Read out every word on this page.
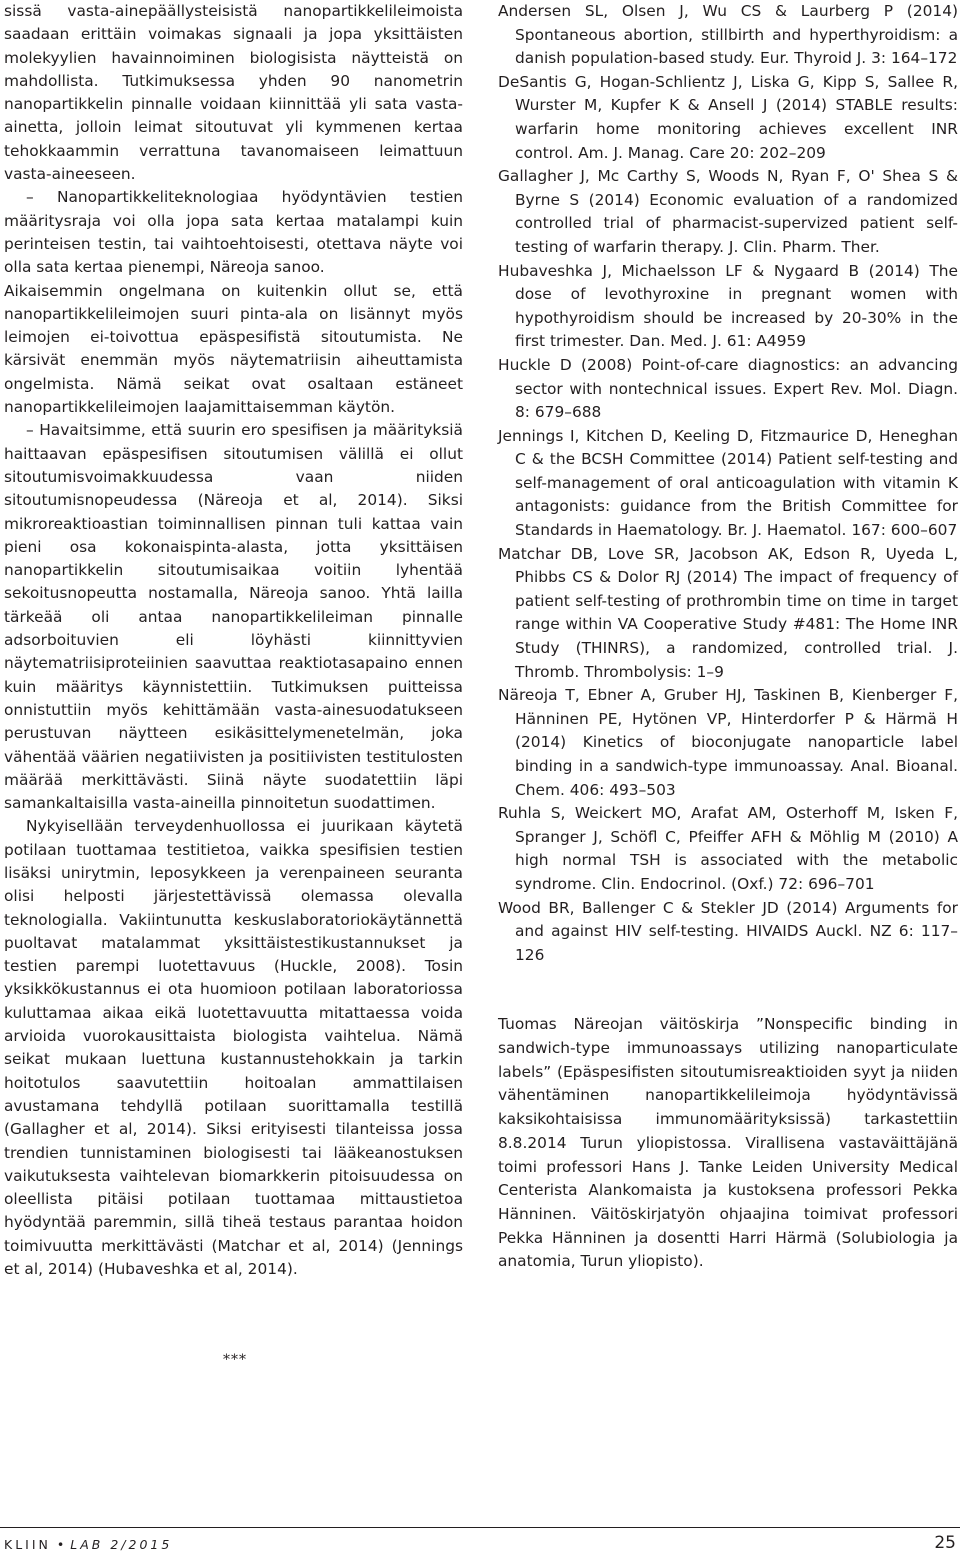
sissä vasta-ainepäällysteisistä nanopartikkelileimoista saadaan erittäin voimakas signaali ja jopa yksittäisten molekyylien havainnoiminen biologisista näytteistä on mahdollista. Tutkimuksessa yhden 90 nanometrin nanopartikkelin pinnalle voidaan kiinnittää yli sata vasta-ainetta, jolloin leimat sitoutuvat yli kymmenen kertaa tehokkaammin verrattuna tavanomaiseen leimattuun vasta-aineeseen.

– Nanopartikkeliteknologiaa hyödyntävien testien määritysraja voi olla jopa sata kertaa matalampi kuin perinteisen testin, tai vaihtoehtoisesti, otettava näyte voi olla sata kertaa pienempi, Näreoja sanoo.

Aikaisemmin ongelmana on kuitenkin ollut se, että nanopartikkelileimojen suuri pinta-ala on lisännyt myös leimojen ei-toivottua epäspesifistä sitoutumista. Ne kärsivät enemmän myös näytematriisin aiheuttamista ongelmista. Nämä seikat ovat osaltaan estäneet nanopartikkelileimojen laajamittaisemman käytön.

– Havaitsimme, että suurin ero spesifisen ja määrityksiä haittaavan epäspesifisen sitoutumisen välillä ei ollut sitoutumisvoimakkuudessa vaan niiden sitoutumisnopeudessa (Näreoja et al, 2014). Siksi mikroreaktioastian toiminnallisen pinnan tuli kattaa vain pieni osa kokonaispinta-alasta, jotta yksittäisen nanopartikkelin sitoutumisaikaa voitiin lyhentää sekoitusnopeutta nostamalla, Näreoja sanoo. Yhtä lailla tärkeää oli antaa nanopartikkelileiman pinnalle adsorboituvien eli löyhästi kiinnittyvien näytematriisiproteiinien saavuttaa reaktiotasapaino ennen kuin määritys käynnistettiin. Tutkimuksen puitteissa onnistuttiin myös kehittämään vasta-ainesuodatukseen perustuvan näytteen esikäsittelymenetelmän, joka vähentää väärien negatiivisten ja positiivisten testitulosten määrää merkittävästi. Siinä näyte suodatettiin läpi samankaltaisilla vasta-aineilla pinnoitetun suodattimen.

Nykyisellään terveydenhuollossa ei juurikaan käytetä potilaan tuottamaa testitietoa, vaikka spesifisien testien lisäksi unirytmin, leposykkeen ja verenpaineen seuranta olisi helposti järjestettävissä olemassa olevalla teknologialla. Vakiintunutta keskuslaboratoriokäytännettä puoltavat matalammat yksittäistestikustannukset ja testien parempi luotettavuus (Huckle, 2008). Tosin yksikkökustannus ei ota huomioon potilaan laboratoriossa kuluttamaa aikaa eikä luotettavuutta mitattaessa voida arvioida vuorokausittaista biologista vaihtelua. Nämä seikat mukaan luettuna kustannustehokkain ja tarkin hoitotulos saavutettiin hoitoalan ammattilaisen avustamana tehdyllä potilaan suorittamalla testillä (Gallagher et al, 2014). Siksi erityisesti tilanteissa jossa trendien tunnistaminen biologisesti tai lääkeanostuksen vaikutuksesta vaihtelevan biomarkkerin pitoisuudessa on oleellista pitäisi potilaan tuottamaa mittaustietoa hyödyntää paremmin, sillä tiheä testaus parantaa hoidon toimivuutta merkittävästi (Matchar et al, 2014) (Jennings et al, 2014) (Hubaveshka et al, 2014).

***

Andersen SL, Olsen J, Wu CS & Laurberg P (2014) Spontaneous abortion, stillbirth and hyperthyroidism: a danish population-based study. Eur. Thyroid J. 3: 164–172

DeSantis G, Hogan-Schlientz J, Liska G, Kipp S, Sallee R, Wurster M, Kupfer K & Ansell J (2014) STABLE results: warfarin home monitoring achieves excellent INR control. Am. J. Manag. Care 20: 202–209

Gallagher J, Mc Carthy S, Woods N, Ryan F, O' Shea S & Byrne S (2014) Economic evaluation of a randomized controlled trial of pharmacist-supervized patient self-testing of warfarin therapy. J. Clin. Pharm. Ther.

Hubaveshka J, Michaelsson LF & Nygaard B (2014) The dose of levothyroxine in pregnant women with hypothyroidism should be increased by 20-30% in the first trimester. Dan. Med. J. 61: A4959

Huckle D (2008) Point-of-care diagnostics: an advancing sector with nontechnical issues. Expert Rev. Mol. Diagn. 8: 679–688

Jennings I, Kitchen D, Keeling D, Fitzmaurice D, Heneghan C & the BCSH Committee (2014) Patient self-testing and self-management of oral anticoagulation with vitamin K antagonists: guidance from the British Committee for Standards in Haematology. Br. J. Haematol. 167: 600–607

Matchar DB, Love SR, Jacobson AK, Edson R, Uyeda L, Phibbs CS & Dolor RJ (2014) The impact of frequency of patient self-testing of prothrombin time on time in target range within VA Cooperative Study #481: The Home INR Study (THINRS), a randomized, controlled trial. J. Thromb. Thrombolysis: 1–9

Näreoja T, Ebner A, Gruber HJ, Taskinen B, Kienberger F, Hänninen PE, Hytönen VP, Hinterdorfer P & Härmä H (2014) Kinetics of bioconjugate nanoparticle label binding in a sandwich-type immunoassay. Anal. Bioanal. Chem. 406: 493–503

Ruhla S, Weickert MO, Arafat AM, Osterhoff M, Isken F, Spranger J, Schöfl C, Pfeiffer AFH & Möhlig M (2010) A high normal TSH is associated with the metabolic syndrome. Clin. Endocrinol. (Oxf.) 72: 696–701

Wood BR, Ballenger C & Stekler JD (2014) Arguments for and against HIV self-testing. HIVAIDS Auckl. NZ 6: 117–126

Tuomas Näreojan väitöskirja ”Nonspecific binding in sandwich-type immunoassays utilizing nanoparticulate labels” (Epäspesifisten sitoutumisreaktioiden syyt ja niiden vähentäminen nanopartikkelileimoja hyödyntävissä kaksikohtaisissa immunomäärityksissä) tarkastettiin 8.8.2014 Turun yliopistossa. Virallisena vastaväittäjänä toimi professori Hans J. Tanke Leiden University Medical Centerista Alankomaista ja kustoksena professori Pekka Hänninen. Väitöskirjatyön ohjaajina toimivat professori Pekka Hänninen ja dosentti Harri Härmä (Solubiologia ja anatomia, Turun yliopisto).

KLIIN • LAB 2/2015	25
